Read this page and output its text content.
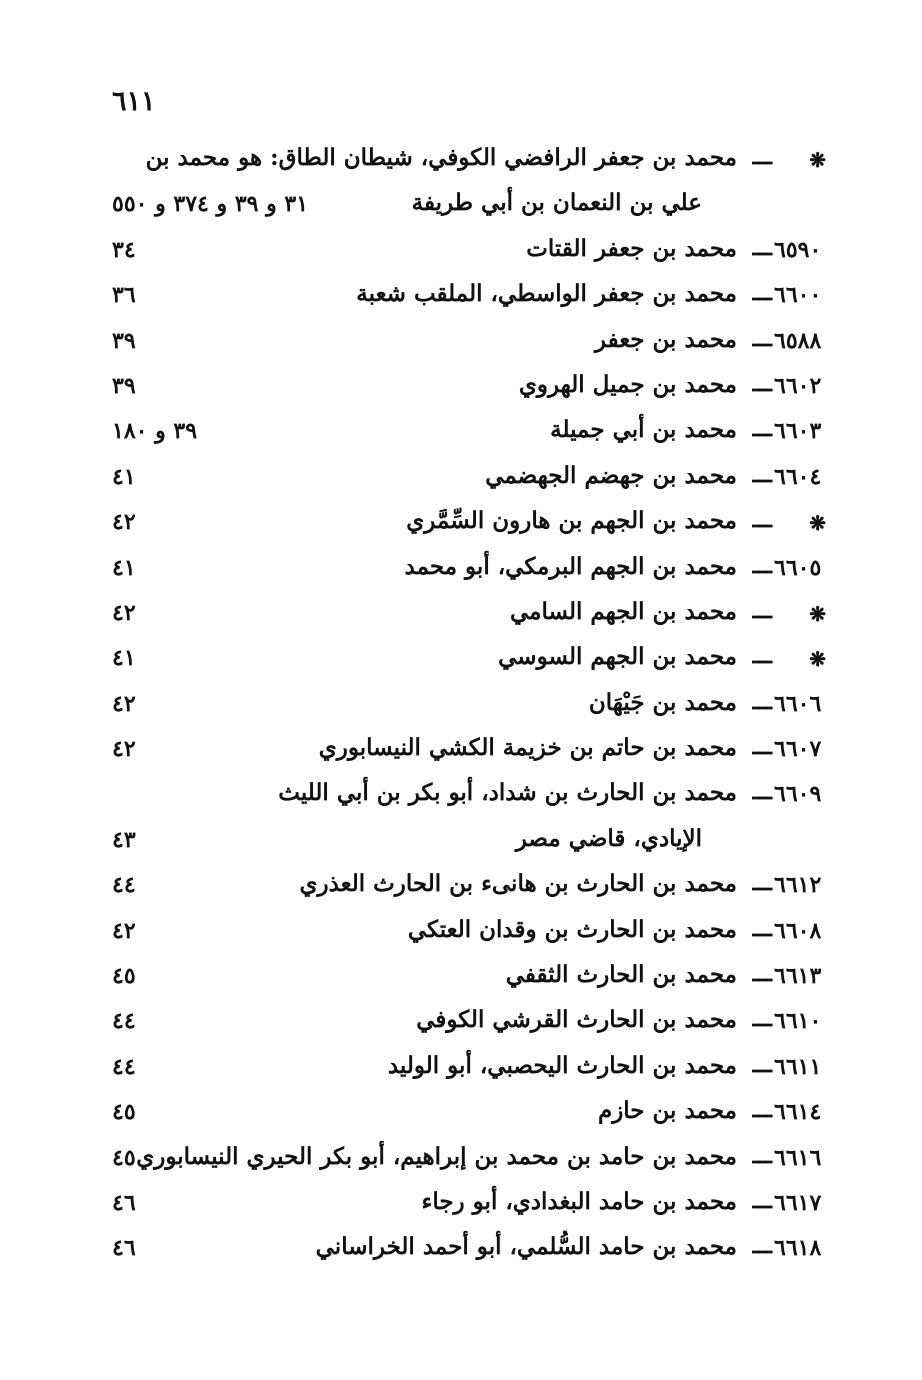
٦١١
❋
ـــ
محمد بن جعفر الرافضي الكوفي، شيطان الطاق: هو محمد بن
علي بن النعمان بن أبي طريفة
٣١ و ٣٩ و ٣٧٤ و ٥٥٠
٦٥٩٠
ـــ
محمد بن جعفر القتات
٣٤
٦٦٠٠
ـــ
محمد بن جعفر الواسطي، الملقب شعبة
٣٦
٦٥٨٨
ـــ
محمد بن جعفر
٣٩
٦٦٠٢
ـــ
محمد بن جميل الهروي
٣٩
٦٦٠٣
ـــ
محمد بن أبي جميلة
٣٩ و ١٨٠
٦٦٠٤
ـــ
محمد بن جهضم الجهضمي
٤١
❋
ـــ
محمد بن الجهم بن هارون السِّمَّري
٤٢
٦٦٠٥
ـــ
محمد بن الجهم البرمكي، أبو محمد
٤١
❋
ـــ
محمد بن الجهم السامي
٤٢
❋
ـــ
محمد بن الجهم السوسي
٤١
٦٦٠٦
ـــ
محمد بن جَيْهَان
٤٢
٦٦٠٧
ـــ
محمد بن حاتم بن خزيمة الكشي النيسابوري
٤٢
٦٦٠٩
ـــ
محمد بن الحارث بن شداد، أبو بكر بن أبي الليث
الإيادي، قاضي مصر
٤٣
٦٦١٢
ـــ
محمد بن الحارث بن هانىء بن الحارث العذري
٤٤
٦٦٠٨
ـــ
محمد بن الحارث بن وقدان العتكي
٤٢
٦٦١٣
ـــ
محمد بن الحارث الثقفي
٤٥
٦٦١٠
ـــ
محمد بن الحارث القرشي الكوفي
٤٤
٦٦١١
ـــ
محمد بن الحارث اليحصبي، أبو الوليد
٤٤
٦٦١٤
ـــ
محمد بن حازم
٤٥
٦٦١٦
ـــ
محمد بن حامد بن محمد بن إبراهيم، أبو بكر الحيري النيسابوري
٤٥
٦٦١٧
ـــ
محمد بن حامد البغدادي، أبو رجاء
٤٦
٦٦١٨
ـــ
محمد بن حامد السُّلمي، أبو أحمد الخراساني
٤٦
